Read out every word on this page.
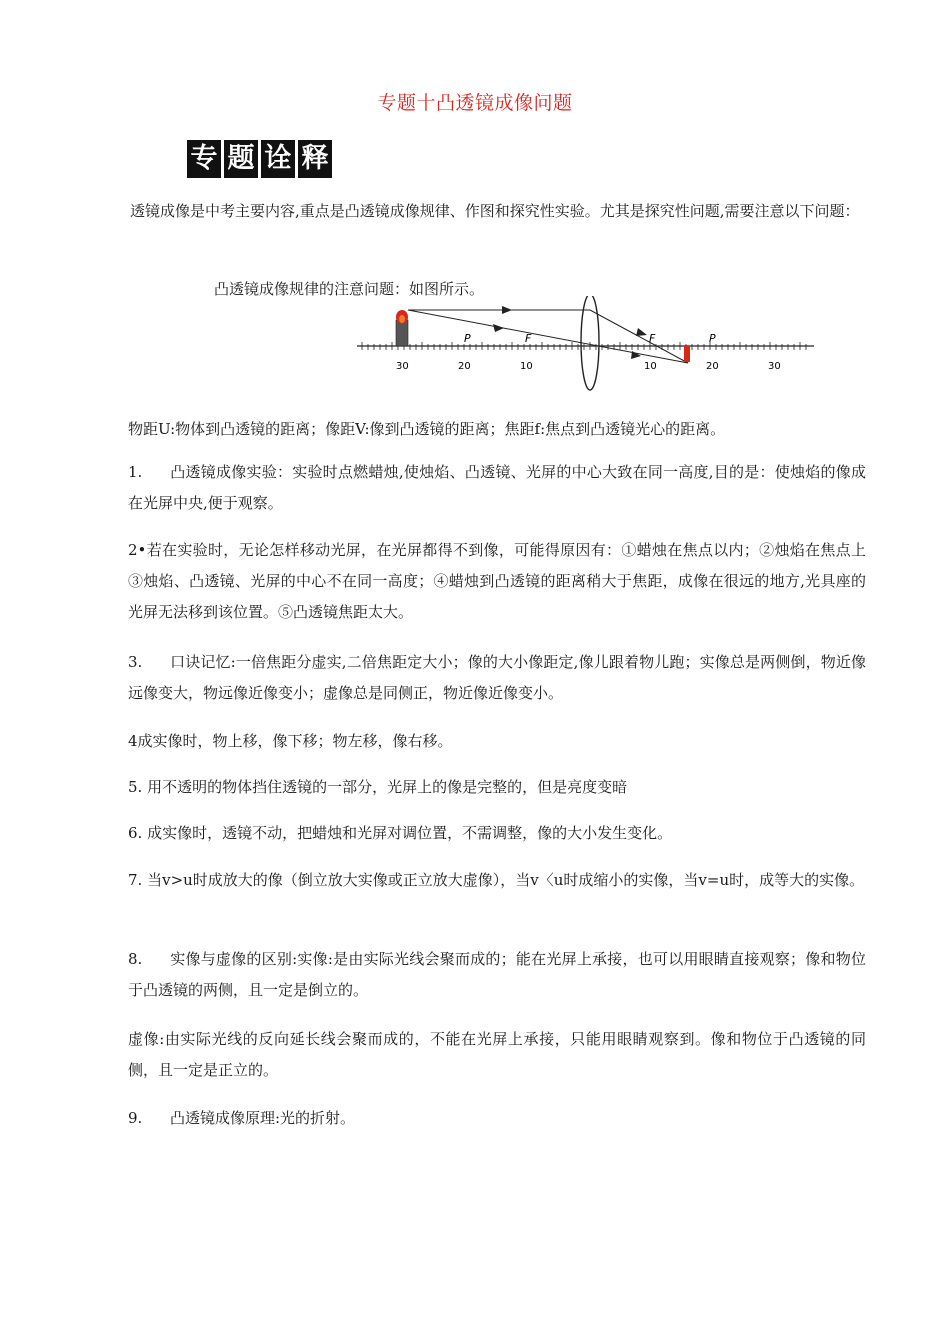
专题十凸透镜成像问题
专 题 诠 释

透镜成像是中考主要内容,重点是凸透镜成像规律、作图和探究性实验。尤其是探究性问题,需要注意以下问题：

凸透镜成像规律的注意问题：如图所示。
P	F	F	P
30	20	10	10	20	30

物距U:物体到凸透镜的距离；像距V:像到凸透镜的距离；焦距f:焦点到凸透镜光心的距离。

1. 凸透镜成像实验：实验时点燃蜡烛,使烛焰、凸透镜、光屏的中心大致在同一高度,目的是：使烛焰的像成在光屏中央,便于观察。

2•若在实验时，无论怎样移动光屏，在光屏都得不到像，可能得原因有：①蜡烛在焦点以内；②烛焰在焦点上③烛焰、凸透镜、光屏的中心不在同一高度；④蜡烛到凸透镜的距离稍大于焦距，成像在很远的地方,光具座的光屏无法移到该位置。⑤凸透镜焦距太大。

3. 口诀记忆:一倍焦距分虚实,二倍焦距定大小；像的大小像距定,像儿跟着物儿跑；实像总是两侧倒，物近像远像变大，物远像近像变小；虚像总是同侧正，物近像近像变小。

4成实像时，物上移，像下移；物左移，像右移。

5. 用不透明的物体挡住透镜的一部分，光屏上的像是完整的，但是亮度变暗

6. 成实像时，透镜不动，把蜡烛和光屏对调位置，不需调整，像的大小发生变化。

7. 当v>u时成放大的像（倒立放大实像或正立放大虚像），当v〈u时成缩小的实像，当v=u时，成等大的实像。

8. 实像与虚像的区别:实像:是由实际光线会聚而成的；能在光屏上承接，也可以用眼睛直接观察；像和物位于凸透镜的两侧，且一定是倒立的。

虚像:由实际光线的反向延长线会聚而成的，不能在光屏上承接，只能用眼睛观察到。像和物位于凸透镜的同侧，且一定是正立的。

9. 凸透镜成像原理:光的折射。
